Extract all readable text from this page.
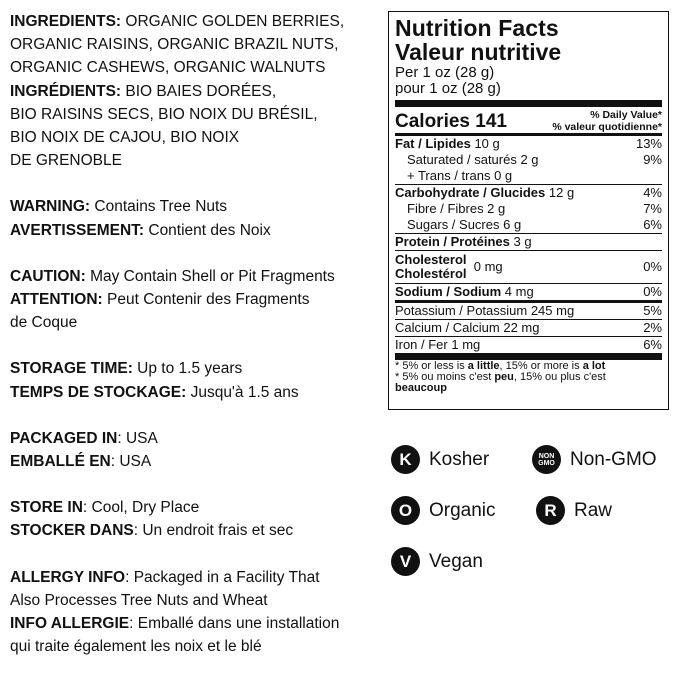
INGREDIENTS: ORGANIC GOLDEN BERRIES,
ORGANIC RAISINS, ORGANIC BRAZIL NUTS,
ORGANIC CASHEWS, ORGANIC WALNUTS
INGRÉDIENTS: BIO BAIES DORÉES,
BIO RAISINS SECS, BIO NOIX DU BRÉSIL,
BIO NOIX DE CAJOU, BIO NOIX
DE GRENOBLE
WARNING: Contains Tree Nuts
AVERTISSEMENT: Contient des Noix
CAUTION: May Contain Shell or Pit Fragments
ATTENTION: Peut Contenir des Fragments
de Coque
STORAGE TIME: Up to 1.5 years
TEMPS DE STOCKAGE: Jusqu'à 1.5 ans
PACKAGED IN: USA
EMBALLÉ EN: USA
STORE IN: Cool, Dry Place
STOCKER DANS: Un endroit frais et sec
ALLERGY INFO: Packaged in a Facility That
Also Processes Tree Nuts and Wheat
INFO ALLERGIE: Emballé dans une installation
qui traite également les noix et le blé
Nutrition Facts
Valeur nutritive
Per 1 oz (28 g)
pour 1 oz (28 g)
Calories 141	% Daily Value*
% valeur quotidienne*
Fat / Lipides 10 g	13%
Saturated / saturés 2 g	9%
+ Trans / trans 0 g
Carbohydrate / Glucides 12 g	4%
Fibre / Fibres 2 g	7%
Sugars / Sucres 6 g	6%
Protein / Protéines 3 g
Cholesterol
Cholestérol
0 mg	0%
Sodium / Sodium 4 mg	0%
Potassium / Potassium 245 mg	5%
Calcium / Calcium 22 mg	2%
Iron / Fer 1 mg	6%
* 5% or less is a little, 15% or more is a lot
* 5% ou moins c'est peu, 15% ou plus c'est
beaucoup
K Kosher	NON GMO Non-GMO
O Organic	R Raw
V Vegan
